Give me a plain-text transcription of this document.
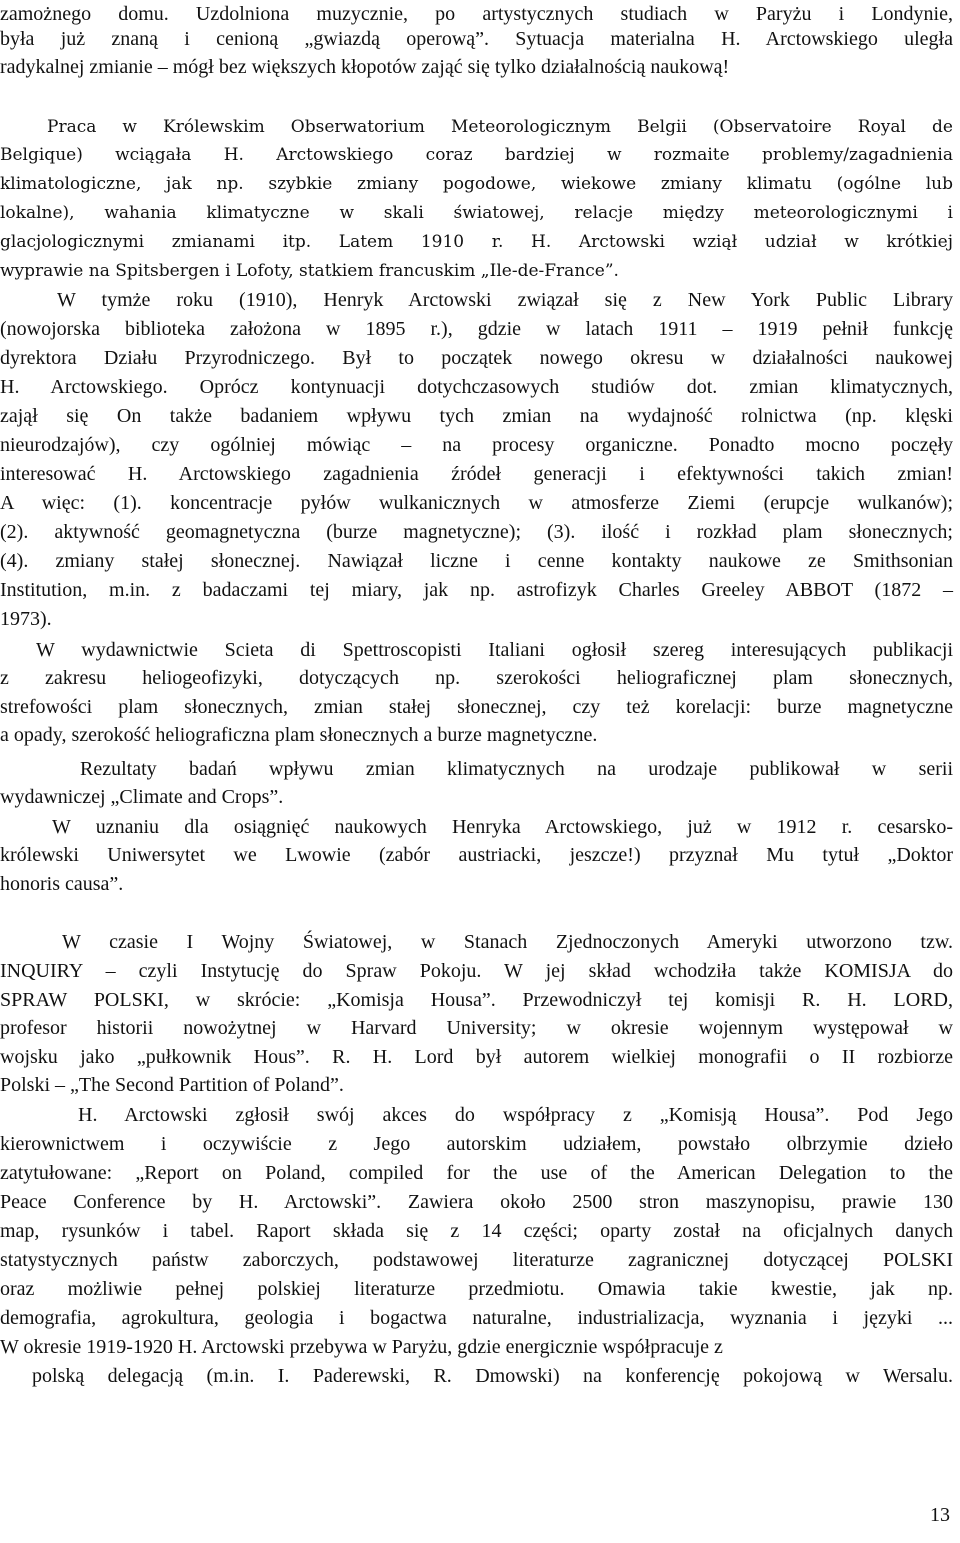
zamożnego domu. Uzdolniona muzycznie, po artystycznych studiach w Paryżu i Londynie,
była już znaną i cenioną „gwiazdą operową”. Sytuacja materialna H. Arctowskiego uległa
radykalnej zmianie – mógł bez większych kłopotów zająć się tylko działalnością naukową!
Praca w Królewskim Obserwatorium Meteorologicznym Belgii (Observatoire Royal de
Belgique) wciągała H. Arctowskiego coraz bardziej w rozmaite problemy/zagadnienia
klimatologiczne, jak np. szybkie zmiany pogodowe, wiekowe zmiany klimatu (ogólne lub
lokalne), wahania klimatyczne w skali światowej, relacje między meteorologicznymi i
glacjologicznymi zmianami itp. Latem 1910 r. H. Arctowski wziął udział w krótkiej
wyprawie na Spitsbergen i Lofoty, statkiem francuskim „Ile-de-France”.
W tymże roku (1910), Henryk Arctowski związał się z New York Public Library
(nowojorska biblioteka założona w 1895 r.), gdzie w latach 1911 – 1919 pełnił funkcję
dyrektora Działu Przyrodniczego. Był to początek nowego okresu w działalności naukowej
H. Arctowskiego. Oprócz kontynuacji dotychczasowych studiów dot. zmian klimatycznych,
zajął się On także badaniem wpływu tych zmian na wydajność rolnictwa (np. klęski
nieurodzajów), czy ogólniej mówiąc – na procesy organiczne. Ponadto mocno poczęły
interesować H. Arctowskiego zagadnienia źródeł generacji i efektywności takich zmian!
A więc: (1). koncentracje pyłów wulkanicznych w atmosferze Ziemi (erupcje wulkanów);
(2). aktywność geomagnetyczna (burze magnetyczne); (3). ilość i rozkład plam słonecznych;
(4). zmiany stałej słonecznej. Nawiązał liczne i cenne kontakty naukowe ze Smithsonian
Institution, m.in. z badaczami tej miary, jak np. astrofizyk Charles Greeley ABBOT (1872 –
1973).
W wydawnictwie Scieta di Spettroscopisti Italiani ogłosił szereg interesujących publikacji
z zakresu heliogeofizyki, dotyczących np. szerokości heliograficznej plam słonecznych,
strefowości plam słonecznych, zmian stałej słonecznej, czy też korelacji: burze magnetyczne
a opady, szerokość heliograficzna plam słonecznych a burze magnetyczne.
Rezultaty badań wpływu zmian klimatycznych na urodzaje publikował w serii
wydawniczej „Climate and Crops”.
W uznaniu dla osiągnięć naukowych Henryka Arctowskiego, już w 1912 r. cesarsko-
królewski Uniwersytet we Lwowie (zabór austriacki, jeszcze!) przyznał Mu tytuł „Doktor
honoris causa”.
W czasie I Wojny Światowej, w Stanach Zjednoczonych Ameryki utworzono tzw.
INQUIRY – czyli Instytucję do Spraw Pokoju. W jej skład wchodziła także KOMISJA do
SPRAW POLSKI, w skrócie: „Komisja Housa”. Przewodniczył tej komisji R. H. LORD,
profesor historii nowożytnej w Harvard University; w okresie wojennym występował w
wojsku jako „pułkownik Hous”. R. H. Lord był autorem wielkiej monografii o II rozbiorze
Polski – „The Second Partition of Poland”.
H. Arctowski zgłosił swój akces do współpracy z „Komisją Housa”. Pod Jego
kierownictwem i oczywiście z Jego autorskim udziałem, powstało olbrzymie dzieło
zatytułowane: „Report on Poland, compiled for the use of the American Delegation to the
Peace Conference by H. Arctowski”. Zawiera około 2500 stron maszynopisu, prawie 130
map, rysunków i tabel. Raport składa się z 14 części; oparty został na oficjalnych danych
statystycznych państw zaborczych, podstawowej literaturze zagranicznej dotyczącej POLSKI
oraz możliwie pełnej polskiej literaturze przedmiotu. Omawia takie kwestie, jak np.
demografia, agrokultura, geologia i bogactwa naturalne, industrializacja, wyznania i języki ...
W okresie 1919-1920 H. Arctowski przebywa w Paryżu, gdzie energicznie współpracuje z
polską delegacją (m.in. I. Paderewski, R. Dmowski) na konferencję pokojową w Wersalu.
13
